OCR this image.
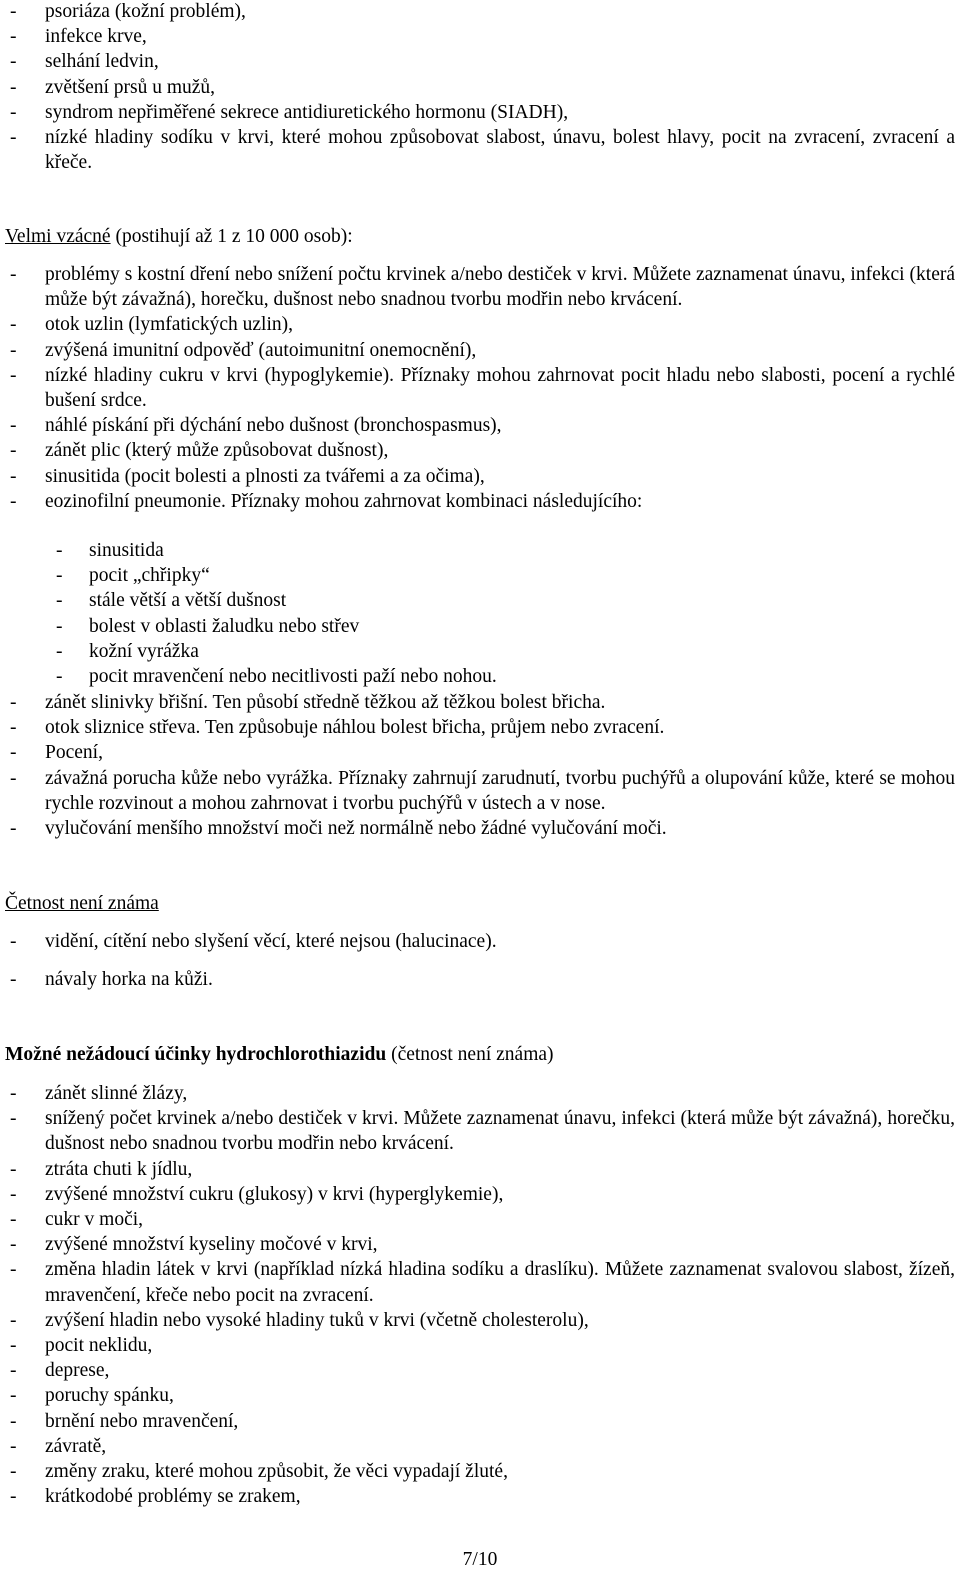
- psoriáza (kožní problém),
- infekce krve,
- selhání ledvin,
- zvětšení prsů u mužů,
- syndrom nepřiměřené sekrece antidiuretického hormonu (SIADH),
- nízké hladiny sodíku v krvi, které mohou způsobovat slabost, únavu, bolest hlavy, pocit na zvracení, zvracení a křeče.
Velmi vzácné (postihují až 1 z 10 000 osob):
- problémy s kostní dření nebo snížení počtu krvinek a/nebo destiček v krvi. Můžete zaznamenat únavu, infekci (která může být závažná), horečku, dušnost nebo snadnou tvorbu modřin nebo krvácení.
- otok uzlin (lymfatických uzlin),
- zvýšená imunitní odpověď (autoimunitní onemocnění),
- nízké hladiny cukru v krvi (hypoglykemie). Příznaky mohou zahrnovat pocit hladu nebo slabosti, pocení a rychlé bušení srdce.
- náhlé pískání při dýchání nebo dušnost (bronchospasmus),
- zánět plic (který může způsobovat dušnost),
- sinusitida (pocit bolesti a plnosti za tvářemi a za očima),
- eozinofilní pneumonie. Příznaky mohou zahrnovat kombinaci následujícího:
- sinusitida
- pocit „chřipky“
- stále větší a větší dušnost
- bolest v oblasti žaludku nebo střev
- kožní vyrážka
- pocit mravenčení nebo necitlivosti paží nebo nohou.
- zánět slinivky břišní. Ten působí středně těžkou až těžkou bolest břicha.
- otok sliznice střeva. Ten způsobuje náhlou bolest břicha, průjem nebo zvracení.
- Pocení,
- závažná porucha kůže nebo vyrážka. Příznaky zahrnují zarudnutí, tvorbu puchýřů a olupování kůže, které se mohou rychle rozvinout a mohou zahrnovat i tvorbu puchýřů v ústech a v nose.
- vylučování menšího množství moči než normálně nebo žádné vylučování moči.
Četnost není známa
- vidění, cítění nebo slyšení věcí, které nejsou (halucinace).
- návaly horka na kůži.
Možné nežádoucí účinky hydrochlorothiazidu (četnost není známa)
- zánět slinné žlázy,
- snížený počet krvinek a/nebo destiček v krvi. Můžete zaznamenat únavu, infekci (která může být závažná), horečku, dušnost nebo snadnou tvorbu modřin nebo krvácení.
- ztráta chuti k jídlu,
- zvýšené množství cukru (glukosy) v krvi (hyperglykemie),
- cukr v moči,
- zvýšené množství kyseliny močové v krvi,
- změna hladin látek v krvi (například nízká hladina sodíku a draslíku). Můžete zaznamenat svalovou slabost, žízeň, mravenčení, křeče nebo pocit na zvracení.
- zvýšení hladin nebo vysoké hladiny tuků v krvi (včetně cholesterolu),
- pocit neklidu,
- deprese,
- poruchy spánku,
- brnění nebo mravenčení,
- závratě,
- změny zraku, které mohou způsobit, že věci vypadají žluté,
- krátkodobé problémy se zrakem,
7/10
